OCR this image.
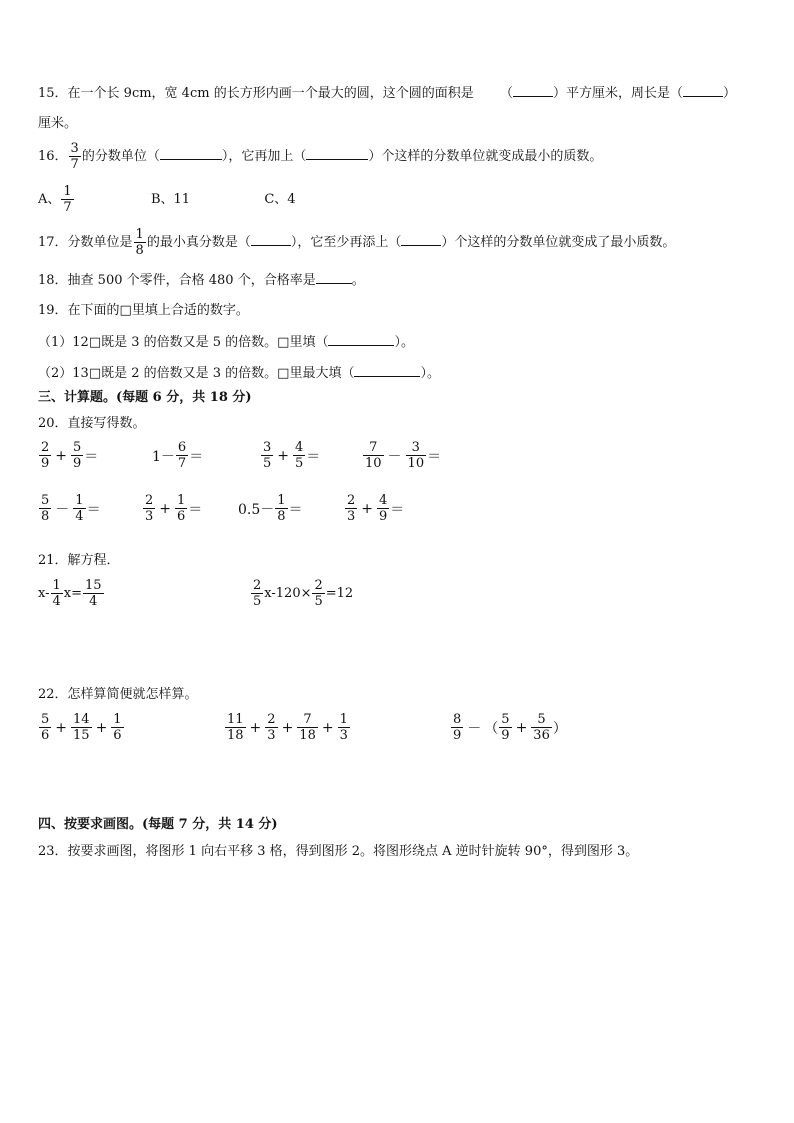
15．在一个长 9cm，宽 4cm 的长方形内画一个最大的圆，这个圆的面积是 （	）平方厘米，周长是（	）
厘米。
16． $\frac{3}{7}$ 的分数单位（	），它再加上（	）个这样的分数单位就变成最小的质数。
A、 $\frac{1}{7}$	B、11	C、4
17．分数单位是 $\frac{1}{8}$ 的最小真分数是（	），它至少再添上（	）个这样的分数单位就变成了最小质数。
18．抽查 500 个零件，合格 480 个，合格率是	。
19．在下面的□里填上合适的数字。
（1）12□既是 3 的倍数又是 5 的倍数。□里填（	）。
（2）13□既是 2 的倍数又是 3 的倍数。□里最大填（	）。
三、计算题。(每题 6 分，共 18 分)
20．直接写得数。
$\frac{2}{9} + \frac{5}{9}$ ＝	$1- \frac{6}{7}$ ＝	$\frac{3}{5} + \frac{4}{5}$ ＝	$\frac{7}{10} - \frac{3}{10}$ ＝
$\frac{5}{8} - \frac{1}{4}$ ＝	$\frac{2}{3} + \frac{1}{6}$ ＝	$0.5- \frac{1}{8}$ ＝	$\frac{2}{3} + \frac{4}{9}$ ＝
21．解方程．
$x- \frac{1}{4} x= \frac{15}{4}$	$\frac{2}{5} x-120\times \frac{2}{5} =12$
22．怎样算简便就怎样算。
$\frac{5}{6} + \frac{14}{15} + \frac{1}{6}$	$\frac{11}{18} + \frac{2}{3} + \frac{7}{18} + \frac{1}{3}$	$\frac{8}{9}$ － （ $\frac{5}{9} + \frac{5}{36}$ ）
四、按要求画图。(每题 7 分，共 14 分)
23．按要求画图，将图形 1 向右平移 3 格，得到图形 2。将图形绕点 A 逆时针旋转 90°，得到图形 3。
